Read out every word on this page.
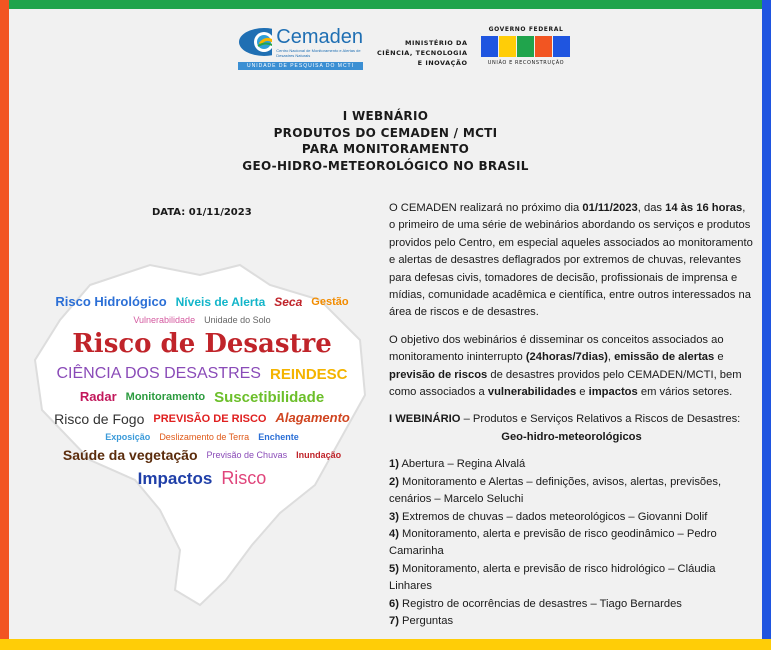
Cemaden
Centro Nacional de Monitoramento e Alertas de Desastres Naturais
UNIDADE DE PESQUISA DO MCTI
MINISTÉRIO DA
CIÊNCIA, TECNOLOGIA
E INOVAÇÃO
GOVERNO FEDERAL
UNIÃO E RECONSTRUÇÃO
I WEBNÁRIO
PRODUTOS DO CEMADEN / MCTI
PARA MONITORAMENTO
GEO-HIDRO-METEOROLÓGICO NO BRASIL
DATA: 01/11/2023
Risco Hidrológico Níveis de Alerta Seca Gestão
Vulnerabilidade Unidade do Solo
Risco de Desastre
CIÊNCIA DOS DESASTRES REINDESC
Radar Monitoramento Suscetibilidade
Risco de Fogo PREVISÃO DE RISCO Alagamento
Exposição Deslizamento de Terra Enchente
Saúde da vegetação Previsão de Chuvas Inundação
Impactos Risco

O CEMADEN realizará no próximo dia 01/11/2023, das 14 às 16 horas, o primeiro de uma série de webinários abordando os serviços e produtos providos pelo Centro, em especial aqueles associados ao monitoramento e alertas de desastres deflagrados por extremos de chuvas, relevantes para defesas civis, tomadores de decisão, profissionais de imprensa e mídias, comunidade acadêmica e científica, entre outros interessados na área de riscos e de desastres.

O objetivo dos webinários é disseminar os conceitos associados ao monitoramento ininterrupto (24horas/7dias), emissão de alertas e previsão de riscos de desastres providos pelo CEMADEN/MCTI, bem como associados a vulnerabilidades e impactos em vários setores.

I WEBINÁRIO – Produtos e Serviços Relativos a Riscos de Desastres:

Geo-hidro-meteorológicos

1) Abertura – Regina Alvalá
2) Monitoramento e Alertas – definições, avisos, alertas, previsões, cenários – Marcelo Seluchi
3) Extremos de chuvas – dados meteorológicos – Giovanni Dolif
4) Monitoramento, alerta e previsão de risco geodinâmico – Pedro Camarinha
5) Monitoramento, alerta e previsão de risco hidrológico – Cláudia Linhares
6) Registro de ocorrências de desastres – Tiago Bernardes
7) Perguntas
